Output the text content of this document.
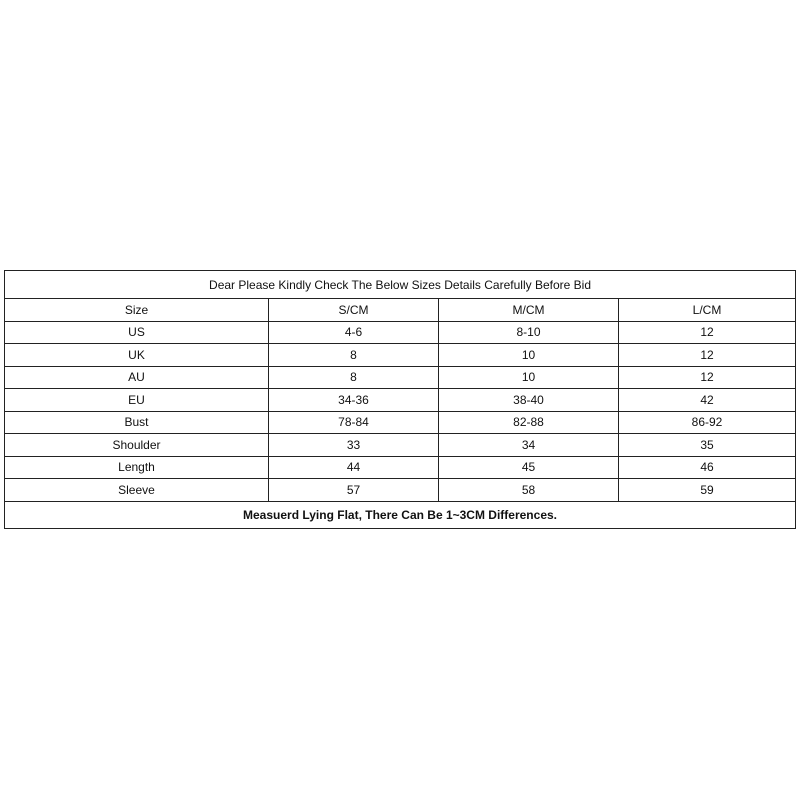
Dear Please Kindly Check The Below Sizes Details Carefully Before Bid			
Size	S/CM	M/CM	L/CM
US	4-6	8-10	12
UK	8	10	12
AU	8	10	12
EU	34-36	38-40	42
Bust	78-84	82-88	86-92
Shoulder	33	34	35
Length	44	45	46
Sleeve	57	58	59
Measuerd Lying Flat, There Can Be 1~3CM Differences.			
